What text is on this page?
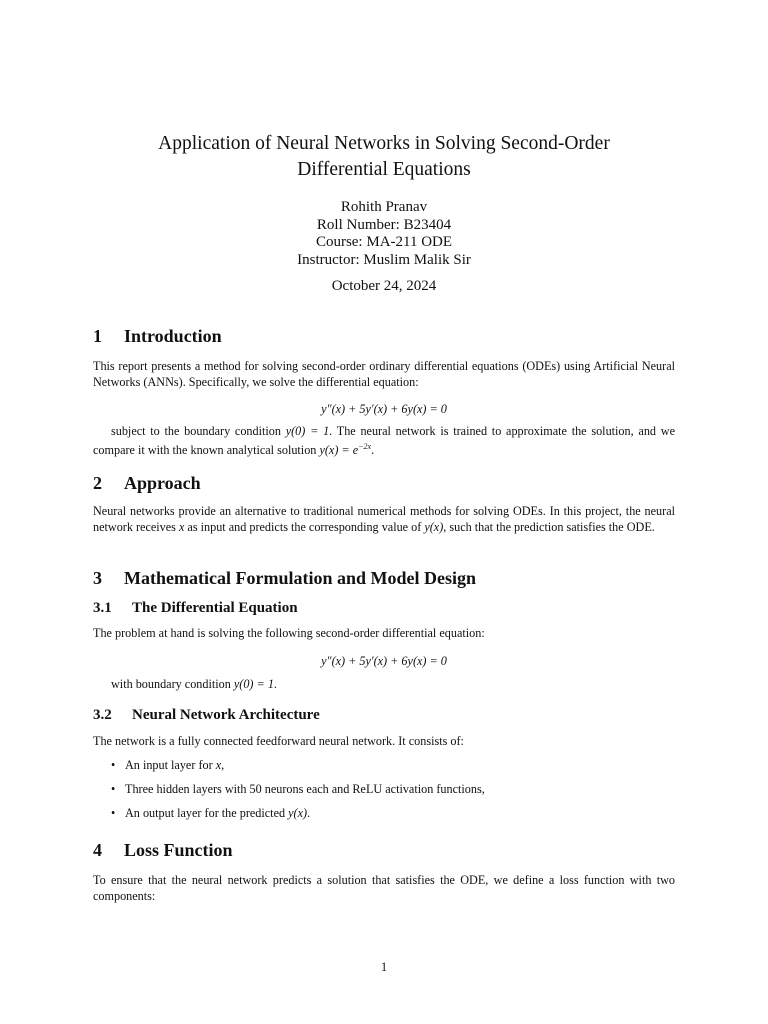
Application of Neural Networks in Solving Second-Order
Differential Equations
Rohith Pranav
Roll Number: B23404
Course: MA-211 ODE
Instructor: Muslim Malik Sir
October 24, 2024
1 Introduction
This report presents a method for solving second-order ordinary differential equations (ODEs) using Artificial Neural Networks (ANNs). Specifically, we solve the differential equation:
y″(x) + 5y′(x) + 6y(x) = 0
subject to the boundary condition y(0) = 1. The neural network is trained to approximate the solution, and we compare it with the known analytical solution $y(x) = e^{-2x}$.
2 Approach
Neural networks provide an alternative to traditional numerical methods for solving ODEs. In this project, the neural network receives x as input and predicts the corresponding value of y(x), such that the prediction satisfies the ODE.
3 Mathematical Formulation and Model Design
3.1 The Differential Equation
The problem at hand is solving the following second-order differential equation:
y″(x) + 5y′(x) + 6y(x) = 0
with boundary condition y(0) = 1.
3.2 Neural Network Architecture
The network is a fully connected feedforward neural network. It consists of:
• An input layer for x,
• Three hidden layers with 50 neurons each and ReLU activation functions,
• An output layer for the predicted y(x).
4 Loss Function
To ensure that the neural network predicts a solution that satisfies the ODE, we define a loss function with two components:
1
